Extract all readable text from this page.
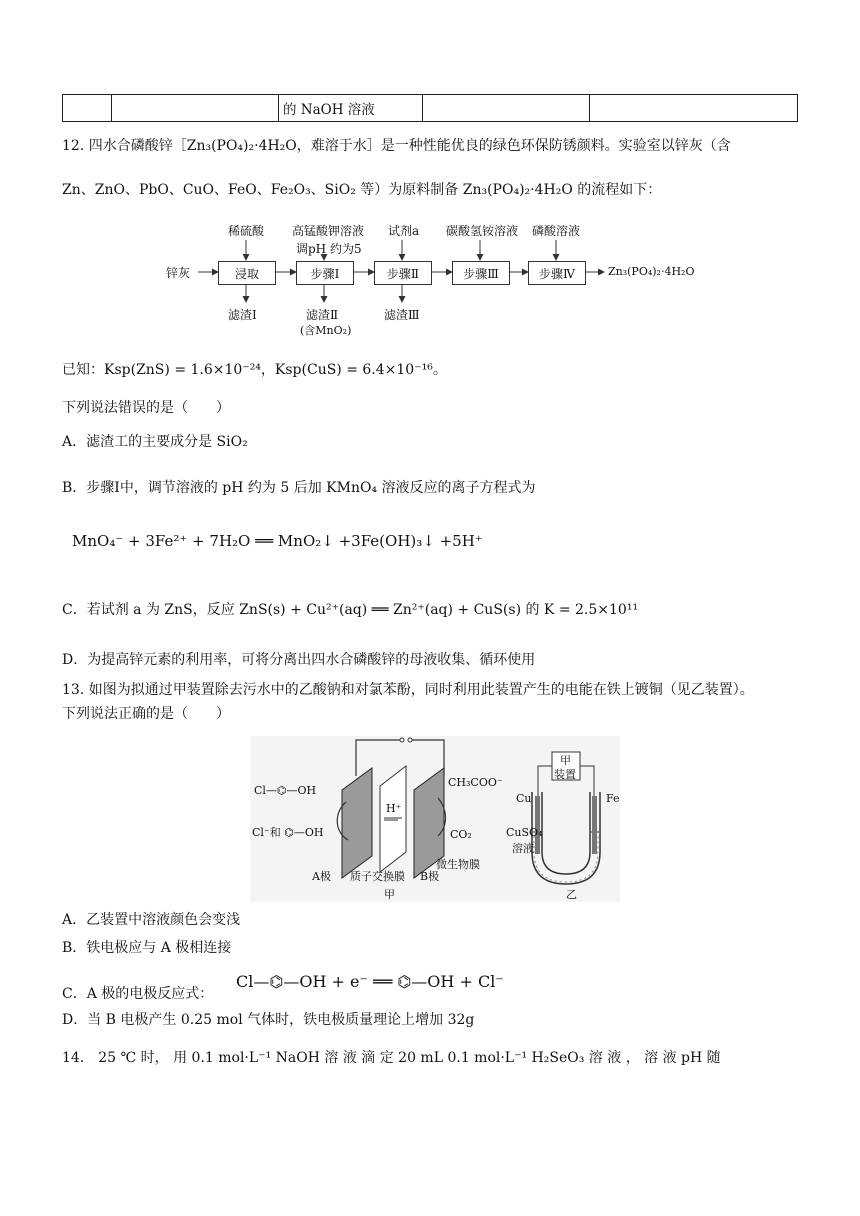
		的 NaOH 溶液		
12. 四水合磷酸锌［Zn₃(PO₄)₂·4H₂O，难溶于水］是一种性能优良的绿色环保防锈颜料。实验室以锌灰（含
Zn、ZnO、PbO、CuO、FeO、Fe₂O₃、SiO₂ 等）为原料制备 Zn₃(PO₄)₂·4H₂O 的流程如下：
锌灰
稀硫酸 高锰酸钾溶液
调pH 约为5
试剂a 碳酸氢铵溶液 磷酸溶液
浸取	步骤Ⅰ	步骤Ⅱ	步骤Ⅲ	步骤Ⅳ	Zn₃(PO₄)₂·4H₂O
滤渣Ⅰ	滤渣Ⅱ
(含MnO₂)
滤渣Ⅲ
已知：Ksp(ZnS) = 1.6×10⁻²⁴，Ksp(CuS) = 6.4×10⁻¹⁶。
下列说法错误的是（　　）
A．滤渣工的主要成分是 SiO₂
B．步骤Ⅰ中，调节溶液的 pH 约为 5 后加 KMnO₄ 溶液反应的离子方程式为
MnO₄⁻ + 3Fe²⁺ + 7H₂O ══ MnO₂↓ +3Fe(OH)₃↓ +5H⁺
C．若试剂 a 为 ZnS，反应 ZnS(s) + Cu²⁺(aq) ══ Zn²⁺(aq) + CuS(s) 的 K = 2.5×10¹¹
D．为提高锌元素的利用率，可将分离出四水合磷酸锌的母液收集、循环使用
13. 如图为拟通过甲装置除去污水中的乙酸钠和对氯苯酚，同时利用此装置产生的电能在铁上镀铜（见乙装置）。
下列说法正确的是（　　）
Cl—⌬—OH
Cl⁻和 ⌬—OH
H⁺
CH₃COO⁻
CO₂
A极 质子交换膜 B极
微生物膜
甲
甲
装置
Cu	Fe
CuSO₄
溶液
乙
A．乙装置中溶液颜色会变浅
B．铁电极应与 A 极相连接
C．A 极的电极反应式：
Cl—⌬—OH + e⁻ ══ ⌬—OH + Cl⁻
D．当 B 电极产生 0.25 mol 气体时，铁电极质量理论上增加 32g
14． 25 ℃ 时， 用 0.1 mol·L⁻¹ NaOH 溶 液 滴 定 20 mL 0.1 mol·L⁻¹ H₂SeO₃ 溶 液 ， 溶 液 pH 随
